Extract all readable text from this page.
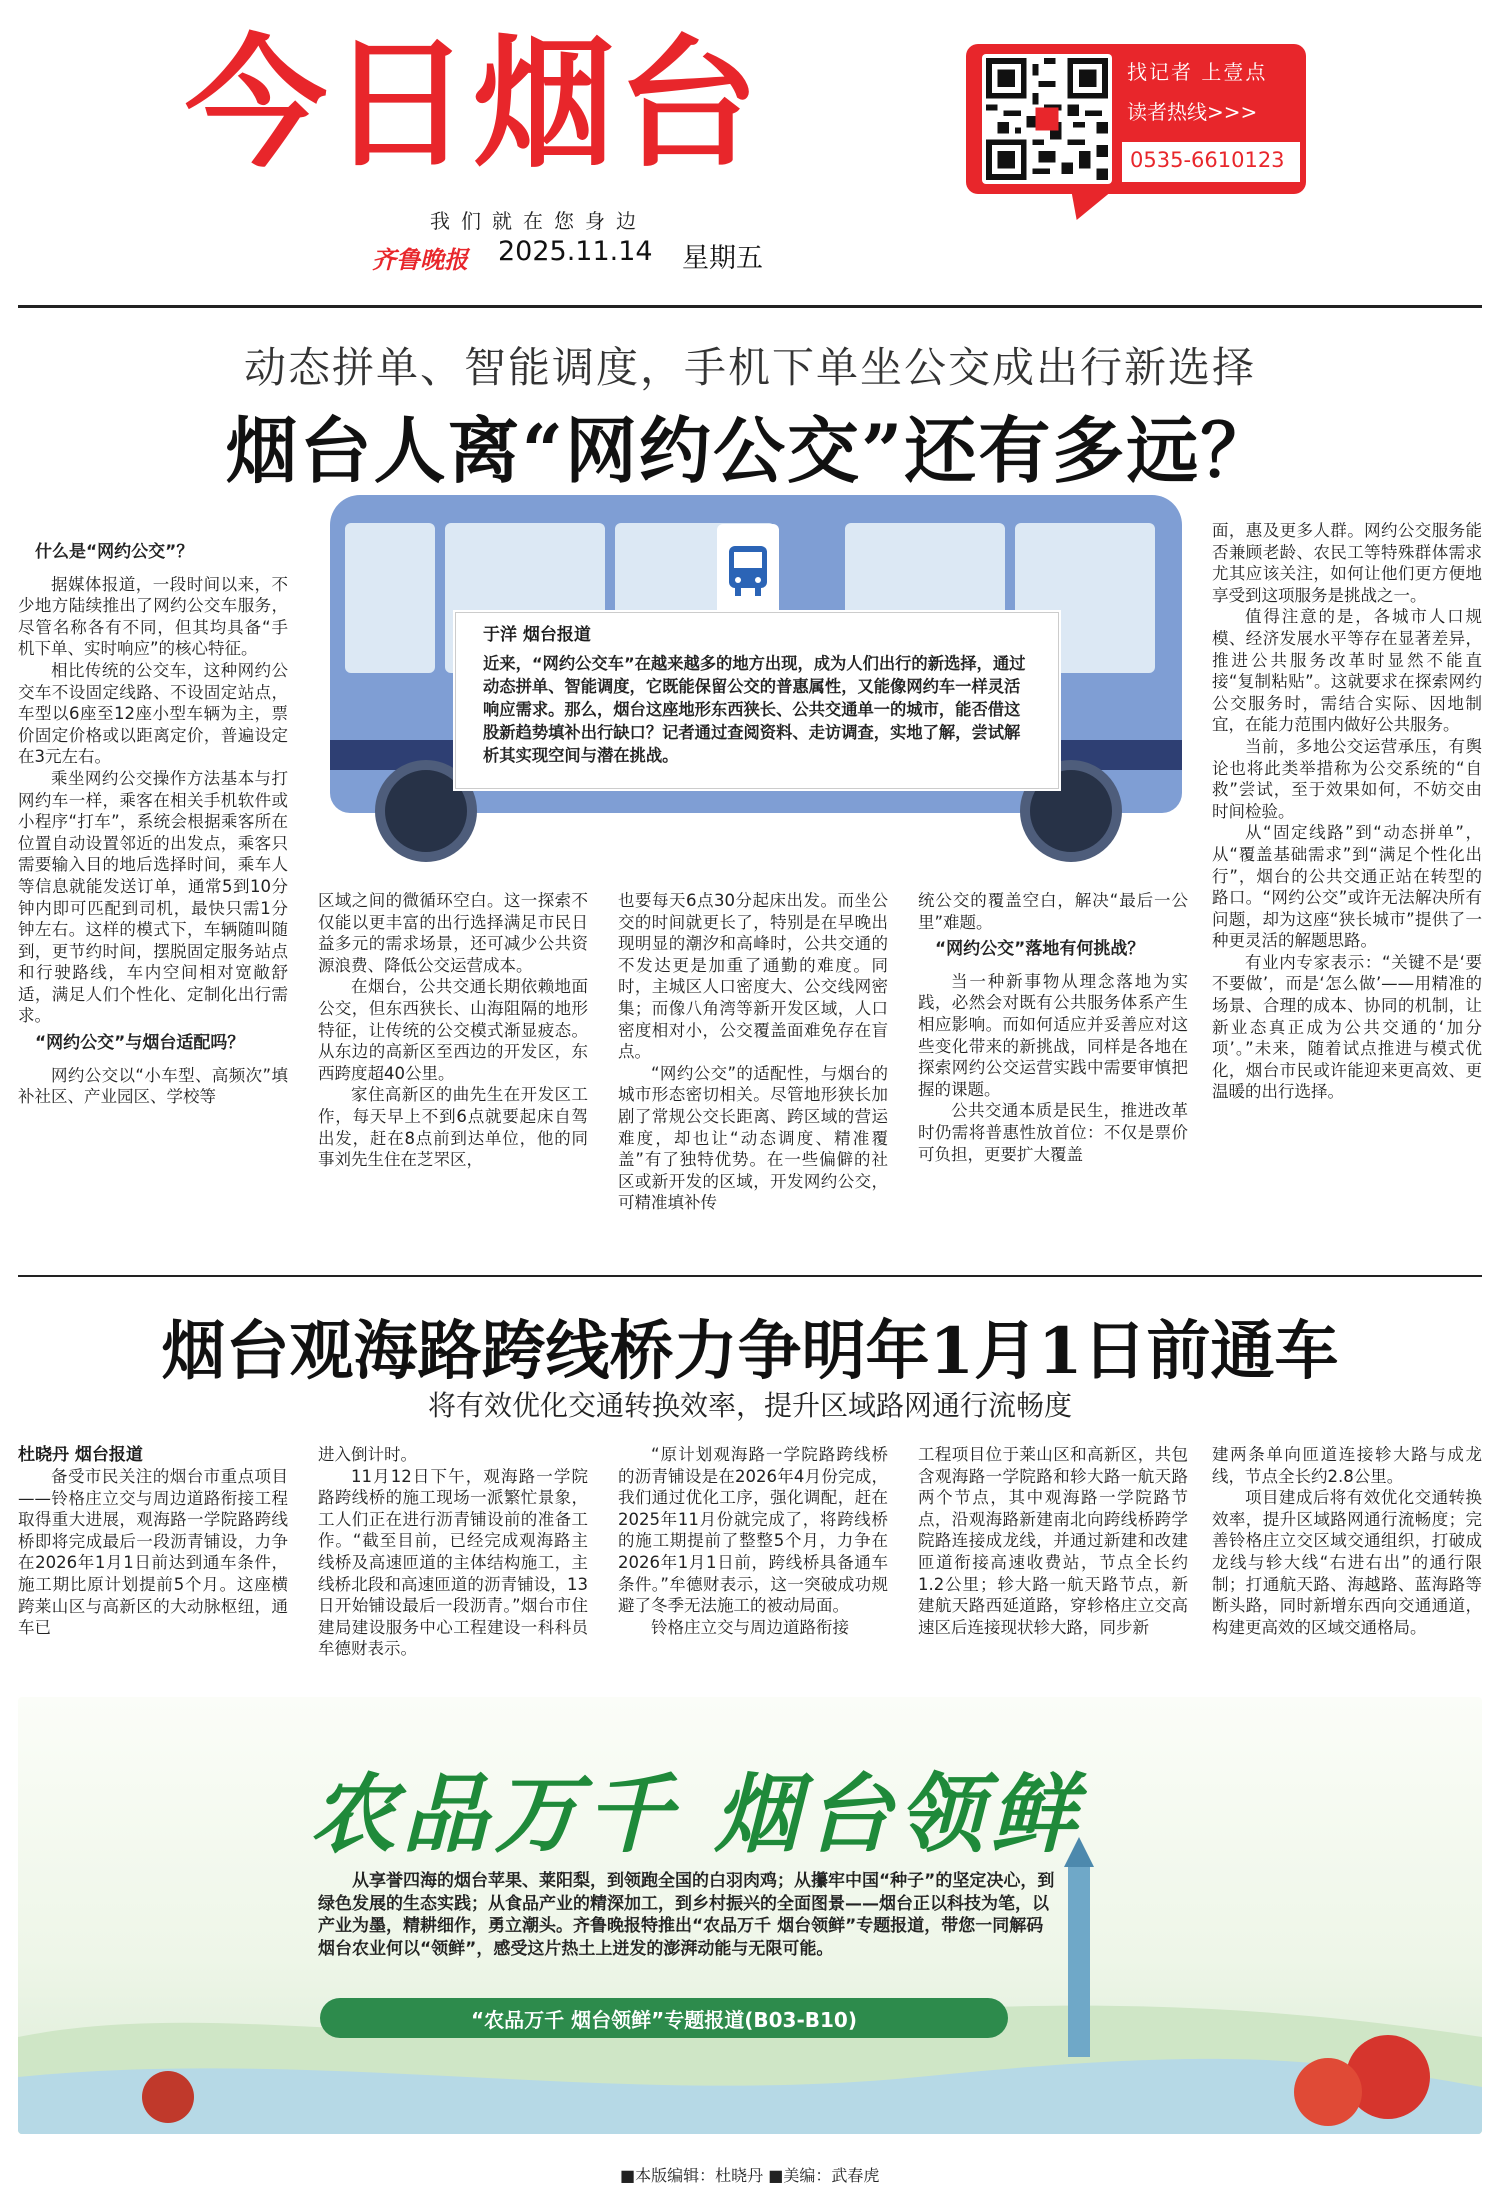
今日烟台
我们就在您身边
齐鲁晚报 2025.11.14 星期五
找记者 上壹点
读者热线>>>
0535-6610123
动态拼单、智能调度，手机下单坐公交成出行新选择
烟台人离“网约公交”还有多远？
于洋 烟台报道
近来，“网约公交车”在越来越多的地方出现，成为人们出行的新选择，通过动态拼单、智能调度，它既能保留公交的普惠属性，又能像网约车一样灵活响应需求。那么，烟台这座地形东西狭长、公共交通单一的城市，能否借这股新趋势填补出行缺口？记者通过查阅资料、走访调查，实地了解，尝试解析其实现空间与潜在挑战。

什么是“网约公交”？

据媒体报道，一段时间以来，不少地方陆续推出了网约公交车服务，尽管名称各有不同，但其均具备“手机下单、实时响应”的核心特征。

相比传统的公交车，这种网约公交车不设固定线路、不设固定站点，车型以6座至12座小型车辆为主，票价固定价格或以距离定价，普遍设定在3元左右。

乘坐网约公交操作方法基本与打网约车一样，乘客在相关手机软件或小程序“打车”，系统会根据乘客所在位置自动设置邻近的出发点，乘客只需要输入目的地后选择时间，乘车人等信息就能发送订单，通常5到10分钟内即可匹配到司机，最快只需1分钟左右。这样的模式下，车辆随叫随到，更节约时间，摆脱固定服务站点和行驶路线，车内空间相对宽敞舒适，满足人们个性化、定制化出行需求。

“网约公交”与烟台适配吗？

网约公交以“小车型、高频次”填补社区、产业园区、学校等

区域之间的微循环空白。这一探索不仅能以更丰富的出行选择满足市民日益多元的需求场景，还可减少公共资源浪费、降低公交运营成本。

在烟台，公共交通长期依赖地面公交，但东西狭长、山海阻隔的地形特征，让传统的公交模式渐显疲态。从东边的高新区至西边的开发区，东西跨度超40公里。

家住高新区的曲先生在开发区工作，每天早上不到6点就要起床自驾出发，赶在8点前到达单位，他的同事刘先生住在芝罘区，

也要每天6点30分起床出发。而坐公交的时间就更长了，特别是在早晚出现明显的潮汐和高峰时，公共交通的不发达更是加重了通勤的难度。同时，主城区人口密度大、公交线网密集；而像八角湾等新开发区域，人口密度相对小，公交覆盖面难免存在盲点。

“网约公交”的适配性，与烟台的城市形态密切相关。尽管地形狭长加剧了常规公交长距离、跨区域的营运难度，却也让“动态调度、精准覆盖”有了独特优势。在一些偏僻的社区或新开发的区域，开发网约公交，可精准填补传

统公交的覆盖空白，解决“最后一公里”难题。

“网约公交”落地有何挑战？

当一种新事物从理念落地为实践，必然会对既有公共服务体系产生相应影响。而如何适应并妥善应对这些变化带来的新挑战，同样是各地在探索网约公交运营实践中需要审慎把握的课题。

公共交通本质是民生，推进改革时仍需将普惠性放首位：不仅是票价可负担，更要扩大覆盖

面，惠及更多人群。网约公交服务能否兼顾老龄、农民工等特殊群体需求尤其应该关注，如何让他们更方便地享受到这项服务是挑战之一。

值得注意的是，各城市人口规模、经济发展水平等存在显著差异，推进公共服务改革时显然不能直接“复制粘贴”。这就要求在探索网约公交服务时，需结合实际、因地制宜，在能力范围内做好公共服务。

当前，多地公交运营承压，有舆论也将此类举措称为公交系统的“自救”尝试，至于效果如何，不妨交由时间检验。

从“固定线路”到“动态拼单”，从“覆盖基础需求”到“满足个性化出行”，烟台的公共交通正站在转型的路口。“网约公交”或许无法解决所有问题，却为这座“狭长城市”提供了一种更灵活的解题思路。

有业内专家表示：“关键不是‘要不要做’，而是‘怎么做’——用精准的场景、合理的成本、协同的机制，让新业态真正成为公共交通的‘加分项’。”未来，随着试点推进与模式优化，烟台市民或许能迎来更高效、更温暖的出行选择。

烟台观海路跨线桥力争明年1月1日前通车
将有效优化交通转换效率，提升区域路网通行流畅度
杜晓丹 烟台报道

备受市民关注的烟台市重点项目——铃格庄立交与周边道路衔接工程取得重大进展，观海路一学院路跨线桥即将完成最后一段沥青铺设，力争在2026年1月1日前达到通车条件，施工期比原计划提前5个月。这座横跨莱山区与高新区的大动脉枢纽，通车已

进入倒计时。

11月12日下午，观海路一学院路跨线桥的施工现场一派繁忙景象，工人们正在进行沥青铺设前的准备工作。“截至目前，已经完成观海路主线桥及高速匝道的主体结构施工，主线桥北段和高速匝道的沥青铺设，13日开始铺设最后一段沥青。”烟台市住建局建设服务中心工程建设一科科员牟德财表示。

“原计划观海路一学院路跨线桥的沥青铺设是在2026年4月份完成，我们通过优化工序，强化调配，赶在2025年11月份就完成了，将跨线桥的施工期提前了整整5个月，力争在2026年1月1日前，跨线桥具备通车条件。”牟德财表示，这一突破成功规避了冬季无法施工的被动局面。

铃格庄立交与周边道路衔接

工程项目位于莱山区和高新区，共包含观海路一学院路和轸大路一航天路两个节点，其中观海路一学院路节点，沿观海路新建南北向跨线桥跨学院路连接成龙线，并通过新建和改建匝道衔接高速收费站，节点全长约1.2公里；轸大路一航天路节点，新建航天路西延道路，穿轸格庄立交高速区后连接现状轸大路，同步新

建两条单向匝道连接轸大路与成龙线，节点全长约2.8公里。

项目建成后将有效优化交通转换效率，提升区域路网通行流畅度；完善铃格庄立交区域交通组织，打破成龙线与轸大线“右进右出”的通行限制；打通航天路、海越路、蓝海路等断头路，同时新增东西向交通通道，构建更高效的区域交通格局。

农品万千 烟台领鲜
从享誉四海的烟台苹果、莱阳梨，到领跑全国的白羽肉鸡；从攥牢中国“种子”的坚定决心，到绿色发展的生态实践；从食品产业的精深加工，到乡村振兴的全面图景——烟台正以科技为笔，以产业为墨，精耕细作，勇立潮头。齐鲁晚报特推出“农品万千 烟台领鲜”专题报道，带您一同解码烟台农业何以“领鲜”，感受这片热土上迸发的澎湃动能与无限可能。
“农品万千 烟台领鲜”专题报道(B03-B10)
■本版编辑：杜晓丹 ■美编：武春虎
